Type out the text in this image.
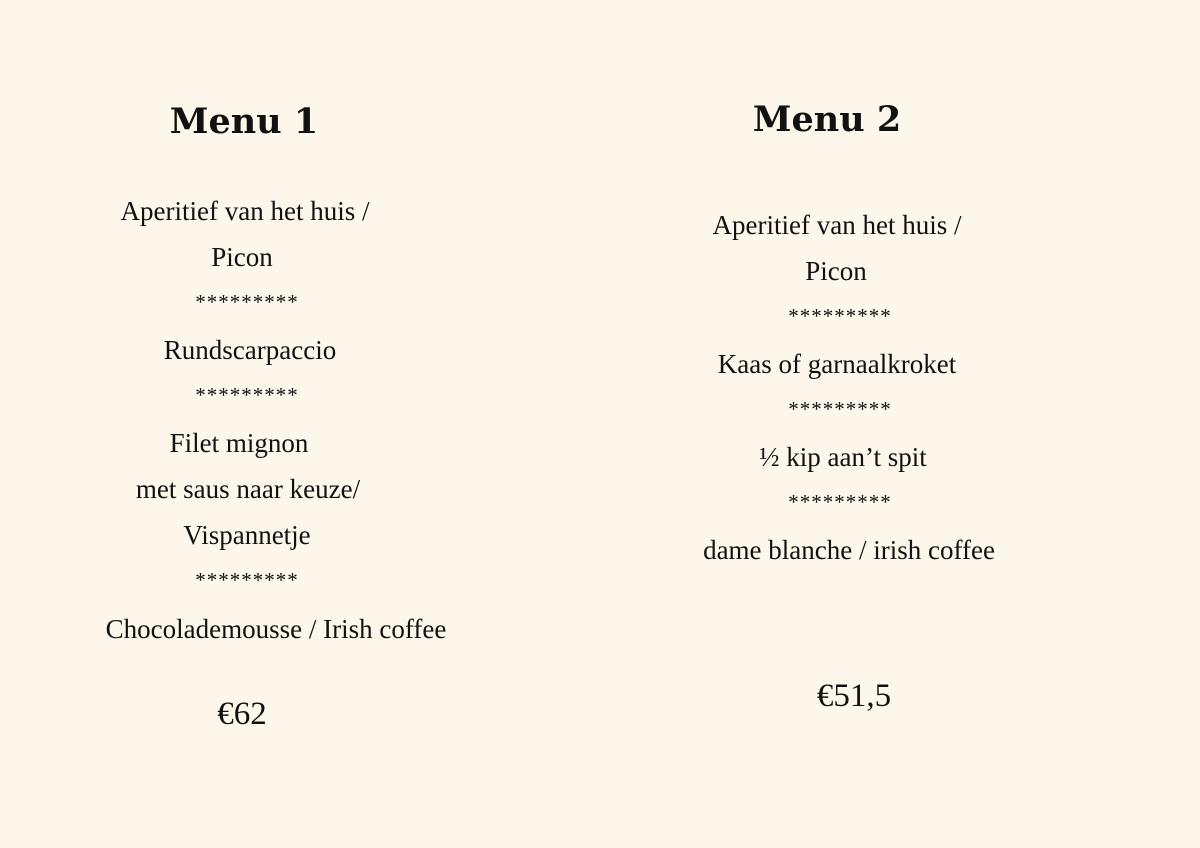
Menu 1
Aperitief van het huis /
Picon
*********
Rundscarpaccio
*********
Filet mignon
met saus naar keuze/
Vispannetje
*********
Chocolademousse / Irish coffee
€62
Menu 2
Aperitief van het huis /
Picon
*********
Kaas of garnaalkroket
*********
½ kip aan’t spit
*********
dame blanche / irish coffee
€51,5
